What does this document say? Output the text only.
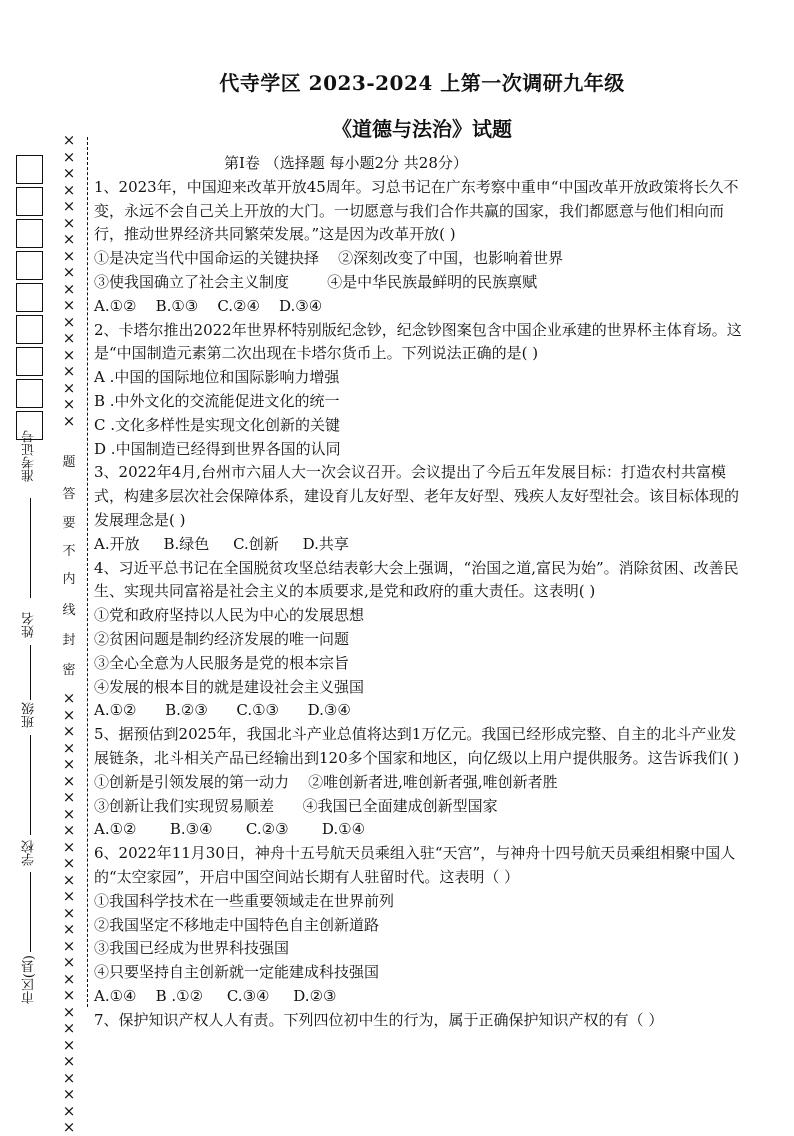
代寺学区 2023-2024 上第一次调研九年级
《道德与法治》试题
准考证号
姓名
班级
学校
市区(县)
××××××××××××××××××
题
答
要
不
内
线
封
密
×××××××××××××××××××××××××××

第Ⅰ卷 （选择题 每小题2分 共28分）

1、2023年，中国迎来改革开放45周年。习总书记在广东考察中重申“中国改革开放政策将长久不变，永远不会自己关上开放的大门。一切愿意与我们合作共赢的国家，我们都愿意与他们相向而行，推动世界经济共同繁荣发展。”这是因为改革开放( )

①是决定当代中国命运的关键抉择    ②深刻改变了中国，也影响着世界

③使我国确立了社会主义制度        ④是中华民族最鲜明的民族禀赋

A.①②    B.①③    C.②④    D.③④

2、卡塔尔推出2022年世界杯特别版纪念钞，纪念钞图案包含中国企业承建的世界杯主体育场。这是“中国制造元素第二次出现在卡塔尔货币上。下列说法正确的是( )

A .中国的国际地位和国际影响力增强

B .中外文化的交流能促进文化的统一

C .文化多样性是实现文化创新的关键

D .中国制造已经得到世界各国的认同

3、2022年4月,台州市六届人大一次会议召开。会议提出了今后五年发展目标：打造农村共富模式，构建多层次社会保障体系，建设育儿友好型、老年友好型、残疾人友好型社会。该目标体现的发展理念是( )

A.开放     B.绿色     C.创新     D.共享

4、习近平总书记在全国脱贫攻坚总结表彰大会上强调，“治国之道,富民为始”。消除贫困、改善民生、实现共同富裕是社会主义的本质要求,是党和政府的重大责任。这表明( )

①党和政府坚持以人民为中心的发展思想

②贫困问题是制约经济发展的唯一问题

③全心全意为人民服务是党的根本宗旨

④发展的根本目的就是建设社会主义强国

A.①②      B.②③      C.①③      D.③④

5、据预估到2025年，我国北斗产业总值将达到1万亿元。我国已经形成完整、自主的北斗产业发展链条，北斗相关产品已经输出到120多个国家和地区，向亿级以上用户提供服务。这告诉我们( )

①创新是引领发展的第一动力    ②唯创新者进,唯创新者强,唯创新者胜

③创新让我们实现贸易顺差      ④我国已全面建成创新型国家

A.①②       B.③④       C.②③       D.①④

6、2022年11月30日，神舟十五号航天员乘组入驻“天宫”，与神舟十四号航天员乘组相聚中国人的“太空家园”，开启中国空间站长期有人驻留时代。这表明（ ）

①我国科学技术在一些重要领域走在世界前列

②我国坚定不移地走中国特色自主创新道路

③我国已经成为世界科技强国

④只要坚持自主创新就一定能建成科技强国

A.①④    B .①②     C.③④     D.②③

7、保护知识产权人人有责。下列四位初中生的行为，属于正确保护知识产权的有（ ）
